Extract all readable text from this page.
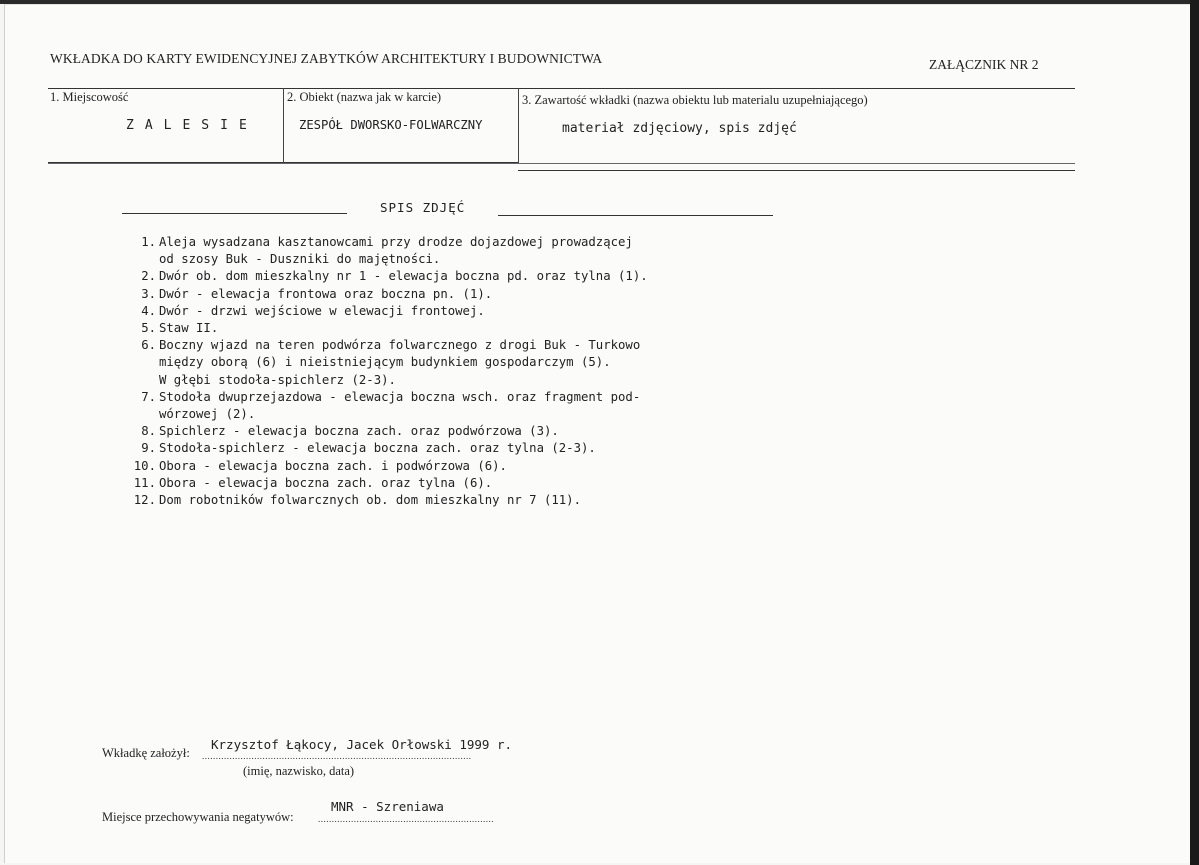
WKŁADKA DO KARTY EWIDENCYJNEJ ZABYTKÓW ARCHITEKTURY I BUDOWNICTWA	ZAŁĄCZNIK NR 2
1. Miejscowość
ZALESIE
2. Obiekt (nazwa jak w karcie)
ZESPÓŁ DWORSKO-FOLWARCZNY
3. Zawartość wkładki (nazwa obiektu lub materialu uzupełniającego)
materiał zdjęciowy, spis zdjęć
SPIS ZDJĘĆ
1. Aleja wysadzana kasztanowcami przy drodze dojazdowej prowadzącej
od szosy Buk - Duszniki do majętności.
2. Dwór ob. dom mieszkalny nr 1 - elewacja boczna pd. oraz tylna (1).
3. Dwór - elewacja frontowa oraz boczna pn. (1).
4. Dwór - drzwi wejściowe w elewacji frontowej.
5. Staw II.
6. Boczny wjazd na teren podwórza folwarcznego z drogi Buk - Turkowo
między oborą (6) i nieistniejącym budynkiem gospodarczym (5).
W głębi stodoła-spichlerz (2-3).
7. Stodoła dwuprzejazdowa - elewacja boczna wsch. oraz fragment pod-
wórzowej (2).
8. Spichlerz - elewacja boczna zach. oraz podwórzowa (3).
9. Stodoła-spichlerz - elewacja boczna zach. oraz tylna (2-3).
10. Obora - elewacja boczna zach. i podwórzowa (6).
11. Obora - elewacja boczna zach. oraz tylna (6).
12. Dom robotników folwarcznych ob. dom mieszkalny nr 7 (11).
Wkładkę założył: ..................................................................................................
Krzysztof Łąkocy, Jacek Orłowski 1999 r.
(imię, nazwisko, data)
Miejsce przechowywania negatywów:	................................................................
MNR - Szreniawa
